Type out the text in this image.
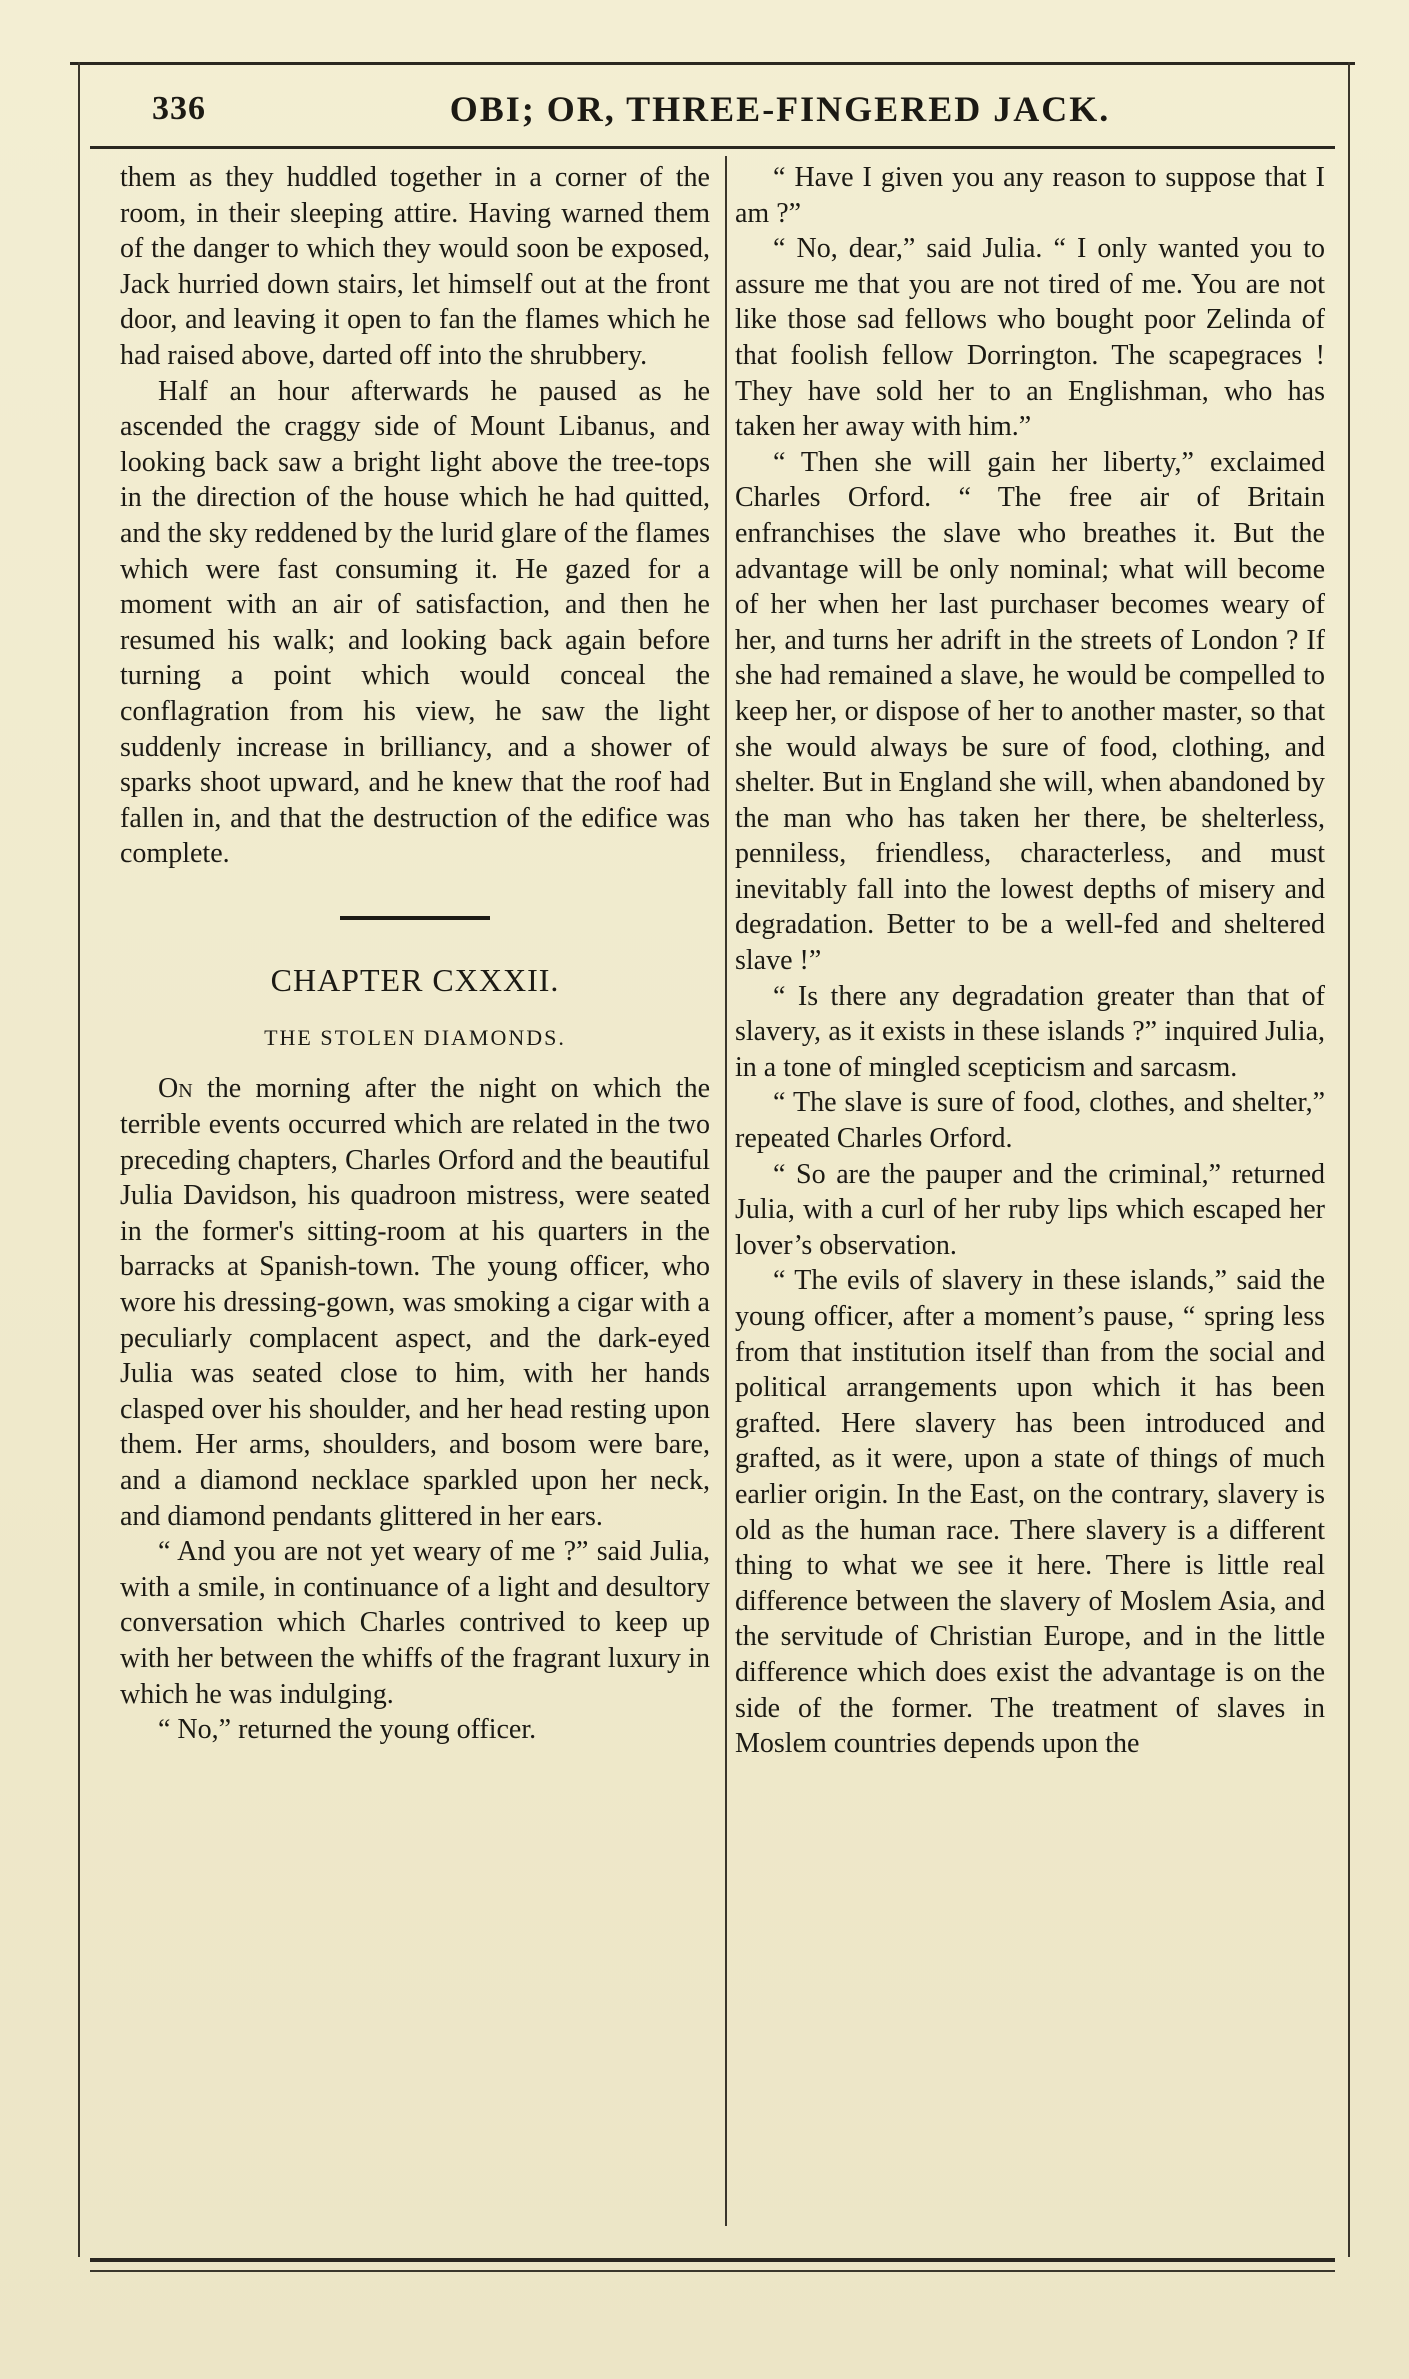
336	OBI; OR, THREE-FINGERED JACK.

them as they huddled together in a corner of the room, in their sleeping attire. Having warned them of the danger to which they would soon be exposed, Jack hurried down stairs, let himself out at the front door, and leaving it open to fan the flames which he had raised above, darted off into the shrubbery.

Half an hour afterwards he paused as he ascended the craggy side of Mount Libanus, and looking back saw a bright light above the tree-tops in the direction of the house which he had quitted, and the sky reddened by the lurid glare of the flames which were fast consuming it. He gazed for a moment with an air of satisfaction, and then he resumed his walk; and looking back again before turning a point which would conceal the conflagration from his view, he saw the light suddenly increase in brilliancy, and a shower of sparks shoot upward, and he knew that the roof had fallen in, and that the destruction of the edifice was complete.

CHAPTER CXXXII.
THE STOLEN DIAMONDS.

On the morning after the night on which the terrible events occurred which are related in the two preceding chapters, Charles Orford and the beautiful Julia Davidson, his quadroon mistress, were seated in the former's sitting-room at his quarters in the barracks at Spanish-town. The young officer, who wore his dressing-gown, was smoking a cigar with a peculiarly complacent aspect, and the dark-eyed Julia was seated close to him, with her hands clasped over his shoulder, and her head resting upon them. Her arms, shoulders, and bosom were bare, and a diamond necklace sparkled upon her neck, and diamond pendants glittered in her ears.

“ And you are not yet weary of me ?” said Julia, with a smile, in continuance of a light and desultory conversation which Charles contrived to keep up with her between the whiffs of the fragrant luxury in which he was indulging.

“ No,” returned the young officer.

“ Have I given you any reason to suppose that I am ?”

“ No, dear,” said Julia. “ I only wanted you to assure me that you are not tired of me. You are not like those sad fellows who bought poor Zelinda of that foolish fellow Dorrington. The scapegraces ! They have sold her to an Englishman, who has taken her away with him.”

“ Then she will gain her liberty,” exclaimed Charles Orford. “ The free air of Britain enfranchises the slave who breathes it. But the advantage will be only nominal; what will become of her when her last purchaser becomes weary of her, and turns her adrift in the streets of London ? If she had remained a slave, he would be compelled to keep her, or dispose of her to another master, so that she would always be sure of food, clothing, and shelter. But in England she will, when abandoned by the man who has taken her there, be shelterless, penniless, friendless, characterless, and must inevitably fall into the lowest depths of misery and degradation. Better to be a well-fed and sheltered slave !”

“ Is there any degradation greater than that of slavery, as it exists in these islands ?” inquired Julia, in a tone of mingled scepticism and sarcasm.

“ The slave is sure of food, clothes, and shelter,” repeated Charles Orford.

“ So are the pauper and the criminal,” returned Julia, with a curl of her ruby lips which escaped her lover’s observation.

“ The evils of slavery in these islands,” said the young officer, after a moment’s pause, “ spring less from that institution itself than from the social and political arrangements upon which it has been grafted. Here slavery has been introduced and grafted, as it were, upon a state of things of much earlier origin. In the East, on the contrary, slavery is old as the human race. There slavery is a different thing to what we see it here. There is little real difference between the slavery of Moslem Asia, and the servitude of Christian Europe, and in the little difference which does exist the advantage is on the side of the former. The treatment of slaves in Moslem countries depends upon the
